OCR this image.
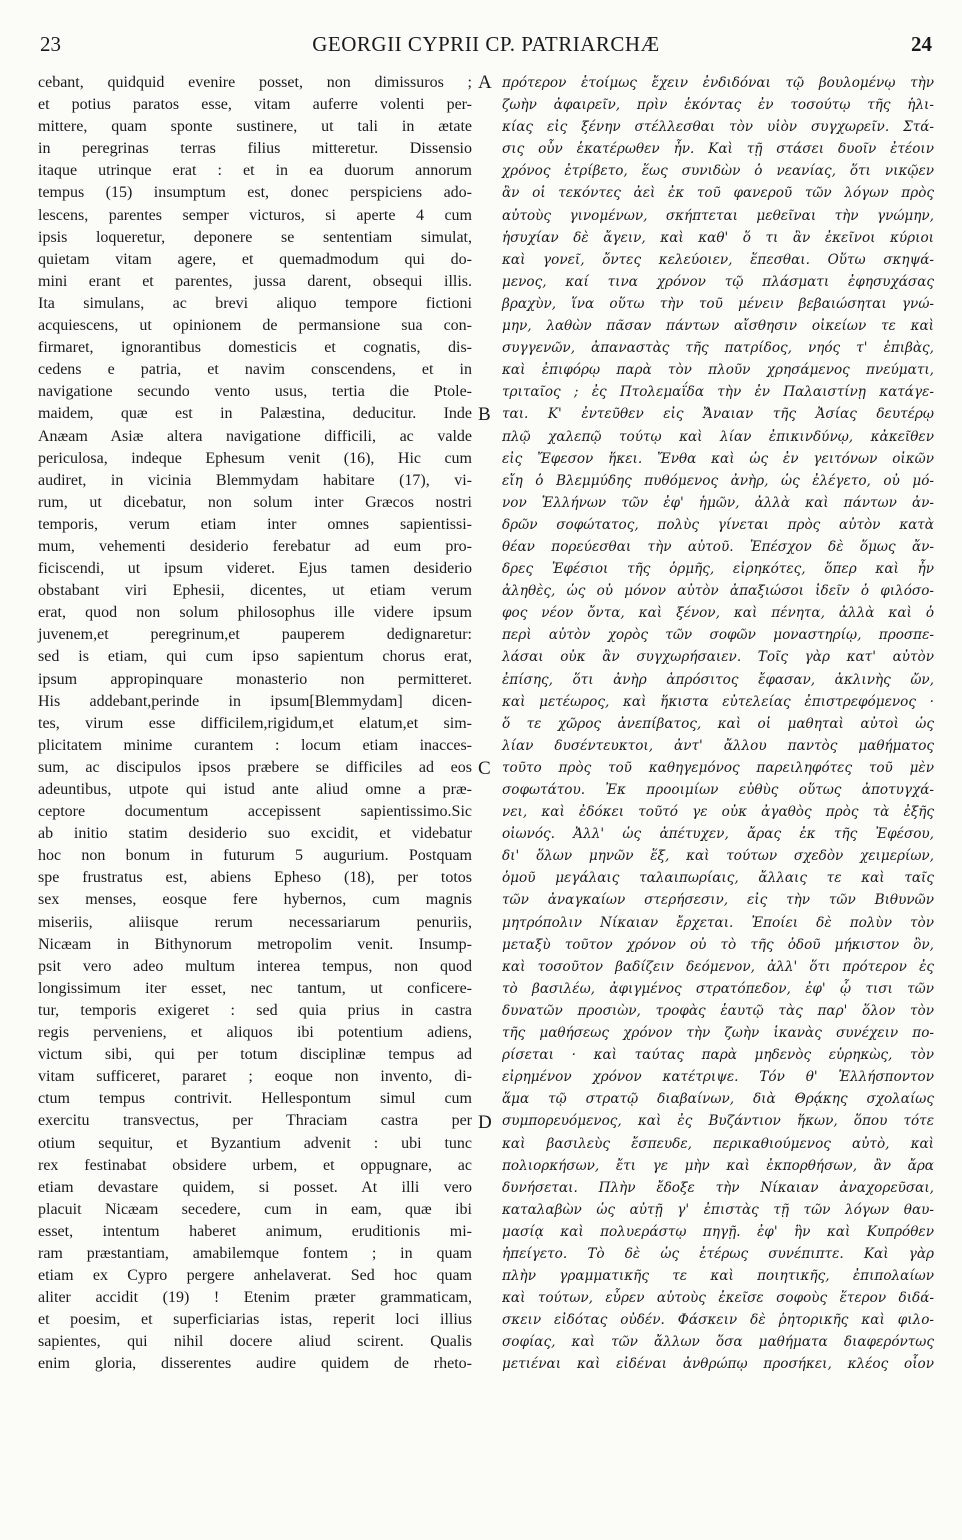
23	GEORGII CYPRII CP. PATRIARCHÆ	24
cebant, quidquid evenire posset, non dimissuros ;
et potius paratos esse, vitam auferre volenti per-
mittere, quam sponte sustinere, ut tali in ætate
in peregrinas terras filius mitteretur. Dissensio
itaque utrinque erat : et in ea duorum annorum
tempus (15) insumptum est, donec perspiciens ado-
lescens, parentes semper victuros, si aperte 4 cum
ipsis loqueretur, deponere se sententiam simulat,
quietam vitam agere, et quemadmodum qui do-
mini erant et parentes, jussa darent, obsequi illis.
Ita simulans, ac brevi aliquo tempore fictioni
acquiescens, ut opinionem de permansione sua con-
firmaret, ignorantibus domesticis et cognatis, dis-
cedens e patria, et navim conscendens, et in
navigatione secundo vento usus, tertia die Ptole-
maidem, quæ est in Palæstina, deducitur. Inde
Anæam Asiæ altera navigatione difficili, ac valde
periculosa, indeque Ephesum venit (16), Hic cum
audiret, in vicinia Blemmydam habitare (17), vi-
rum, ut dicebatur, non solum inter Græcos nostri
temporis, verum etiam inter omnes sapientissi-
mum, vehementi desiderio ferebatur ad eum pro-
ficiscendi, ut ipsum videret. Ejus tamen desiderio
obstabant viri Ephesii, dicentes, ut etiam verum
erat, quod non solum philosophus ille videre ipsum
juvenem,et peregrinum,et pauperem dedignaretur:
sed is etiam, qui cum ipso sapientum chorus erat,
ipsum appropinquare monasterio non permitteret.
His addebant,perinde in ipsum[Blemmydam] dicen-
tes, virum esse difficilem,rigidum,et elatum,et sim-
plicitatem minime curantem : locum etiam inacces-
sum, ac discipulos ipsos præbere se difficiles ad eos
adeuntibus, utpote qui istud ante aliud omne a præ-
ceptore documentum accepissent sapientissimo.Sic
ab initio statim desiderio suo excidit, et videbatur
hoc non bonum in futurum 5 augurium. Postquam
spe frustratus est, abiens Epheso (18), per totos
sex menses, eosque fere hybernos, cum magnis
miseriis, aliisque rerum necessariarum penuriis,
Nicæam in Bithynorum metropolim venit. Insump-
psit vero adeo multum interea tempus, non quod
longissimum iter esset, nec tantum, ut conficere-
tur, temporis exigeret : sed quia prius in castra
regis perveniens, et aliquos ibi potentium adiens,
victum sibi, qui per totum disciplinæ tempus ad
vitam sufficeret, pararet ; eoque non invento, di-
ctum tempus contrivit. Hellespontum simul cum
exercitu transvectus, per Thraciam castra per
otium sequitur, et Byzantium advenit : ubi tunc
rex festinabat obsidere urbem, et oppugnare, ac
etiam devastare quidem, si posset. At illi vero
placuit Nicæam secedere, cum in eam, quæ ibi
esset, intentum haberet animum, eruditionis mi-
ram præstantiam, amabilemque fontem ; in quam
etiam ex Cypro pergere anhelaverat. Sed hoc quam
aliter accidit (19) ! Etenim præter grammaticam,
et poesim, et superficiarias istas, reperit loci illius
sapientes, qui nihil docere aliud scirent. Qualis
enim gloria, disserentes audire quidem de rheto-
πρότερον ἑτοίμως ἔχειν ἐνδιδόναι τῷ βουλομένῳ τὴν
ζωὴν ἀφαιρεῖν, πρὶν ἑκόντας ἐν τοσούτῳ τῆς ἡλι-
κίας εἰς ξένην στέλλεσθαι τὸν υἱὸν συγχωρεῖν. Στά-
σις οὖν ἑκατέρωθεν ἦν. Καὶ τῇ στάσει δυοῖν ἐτέοιν
χρόνος ἐτρίβετο, ἕως συνιδὼν ὁ νεανίας, ὅτι νικῷεν
ἂν οἱ τεκόντες ἀεὶ ἐκ τοῦ φανεροῦ τῶν λόγων πρὸς
αὐτοὺς γινομένων, σκήπτεται μεθεῖναι τὴν γνώμην,
ἡσυχίαν δὲ ἄγειν, καὶ καθ' ὅ τι ἂν ἐκεῖνοι κύριοι
καὶ γονεῖ, ὄντες κελεύοιεν, ἕπεσθαι. Οὕτω σκηψά-
μενος, καί τινα χρόνον τῷ πλάσματι ἐφησυχάσας
βραχὺν, ἵνα οὕτω τὴν τοῦ μένειν βεβαιώσηται γνώ-
μην, λαθὼν πᾶσαν πάντων αἴσθησιν οἰκείων τε καὶ
συγγενῶν, ἀπαναστὰς τῆς πατρίδος, νηός τ' ἐπιβὰς,
καὶ ἐπιφόρῳ παρὰ τὸν πλοῦν χρησάμενος πνεύματι,
τριταῖος ; ἐς Πτολεμαΐδα τὴν ἐν Παλαιστίνῃ κατάγε-
ται. Κ' ἐντεῦθεν εἰς Ἄναιαν τῆς Ἀσίας δευτέρῳ
πλῷ χαλεπῷ τούτῳ καὶ λίαν ἐπικινδύνῳ, κἀκεῖθεν
εἰς Ἔφεσον ἥκει. Ἔνθα καὶ ὡς ἐν γειτόνων οἰκῶν
εἴη ὁ Βλεμμύδης πυθόμενος ἀνὴρ, ὡς ἐλέγετο, οὐ μό-
νον Ἑλλήνων τῶν ἐφ' ἡμῶν, ἀλλὰ καὶ πάντων ἀν-
δρῶν σοφώτατος, πολὺς γίνεται πρὸς αὐτὸν κατὰ
θέαν πορεύεσθαι τὴν αὐτοῦ. Ἐπέσχον δὲ ὅμως ἄν-
δρες Ἐφέσιοι τῆς ὁρμῆς, εἰρηκότες, ὅπερ καὶ ἦν
ἀληθὲς, ὡς οὐ μόνον αὐτὸν ἀπαξιώσοι ἰδεῖν ὁ φιλόσο-
φος νέον ὄντα, καὶ ξένον, καὶ πένητα, ἀλλὰ καὶ ὁ
περὶ αὐτὸν χορὸς τῶν σοφῶν μοναστηρίῳ, προσπε-
λάσαι οὐκ ἂν συγχωρήσαιεν. Τοῖς γὰρ κατ' αὐτὸν
ἐπίσης, ὅτι ἀνὴρ ἀπρόσιτος ἔφασαν, ἀκλινὴς ὤν,
καὶ μετέωρος, καὶ ἥκιστα εὐτελείας ἐπιστρεφόμενος ·
ὅ τε χῶρος ἀνεπίβατος, καὶ οἱ μαθηταὶ αὐτοὶ ὡς
λίαν δυσέντευκτοι, ἀντ' ἄλλου παντὸς μαθήματος
τοῦτο πρὸς τοῦ καθηγεμόνος παρειληφότες τοῦ μὲν
σοφωτάτου. Ἐκ προοιμίων εὐθὺς οὕτως ἀποτυγχά-
νει, καὶ ἐδόκει τοῦτό γε οὐκ ἀγαθὸς πρὸς τὰ ἐξῆς
οἰωνός. Ἀλλ' ὡς ἀπέτυχεν, ἄρας ἐκ τῆς Ἐφέσου,
δι' ὅλων μηνῶν ἕξ, καὶ τούτων σχεδὸν χειμερίων,
ὁμοῦ μεγάλαις ταλαιπωρίαις, ἄλλαις τε καὶ ταῖς
τῶν ἀναγκαίων στερήσεσιν, εἰς τὴν τῶν Βιθυνῶν
μητρόπολιν Νίκαιαν ἔρχεται. Ἐποίει δὲ πολὺν τὸν
μεταξὺ τοῦτον χρόνον οὐ τὸ τῆς ὁδοῦ μήκιστον ὂν,
καὶ τοσοῦτον βαδίζειν δεόμενον, ἀλλ' ὅτι πρότερον ἐς
τὸ βασιλέω, ἀφιγμένος στρατόπεδον, ἐφ' ᾧ τισι τῶν
δυνατῶν προσιὼν, τροφὰς ἑαυτῷ τὰς παρ' ὅλον τὸν
τῆς μαθήσεως χρόνον τὴν ζωὴν ἱκανὰς συνέχειν πο-
ρίσεται · καὶ ταύτας παρὰ μηδενὸς εὑρηκὼς, τὸν
εἰρημένον χρόνον κατέτριψε. Τόν θ' Ἑλλήσποντον
ἅμα τῷ στρατῷ διαβαίνων, διὰ Θρᾴκης σχολαίως
συμπορευόμενος, καὶ ἐς Βυζάντιον ἥκων, ὅπου τότε
καὶ βασιλεὺς ἔσπευδε, περικαθιούμενος αὐτὸ, καὶ
πολιορκήσων, ἔτι γε μὴν καὶ ἐκπορθήσων, ἂν ἄρα
δυνήσεται. Πλὴν ἔδοξε τὴν Νίκαιαν ἀναχορεῦσαι,
καταλαβὼν ὡς αὐτῇ γ' ἐπιστὰς τῇ τῶν λόγων θαυ-
μασίᾳ καὶ πολυεράστῳ πηγῇ. ἐφ' ἣν καὶ Κυπρόθεν
ἠπείγετο. Τὸ δὲ ὡς ἑτέρως συνέπιπτε. Καὶ γὰρ
πλὴν γραμματικῆς τε καὶ ποιητικῆς, ἐπιπολαίων
καὶ τούτων, εὗρεν αὐτοὺς ἐκεῖσε σοφοὺς ἕτερον διδά-
σκειν εἰδότας οὐδέν. Φάσκειν δὲ ῥητορικῆς καὶ φιλο-
σοφίας, καὶ τῶν ἄλλων ὅσα μαθήματα διαφερόντως
μετιέναι καὶ εἰδέναι ἀνθρώπῳ προσήκει, κλέος οἷον
A
B
C
D
